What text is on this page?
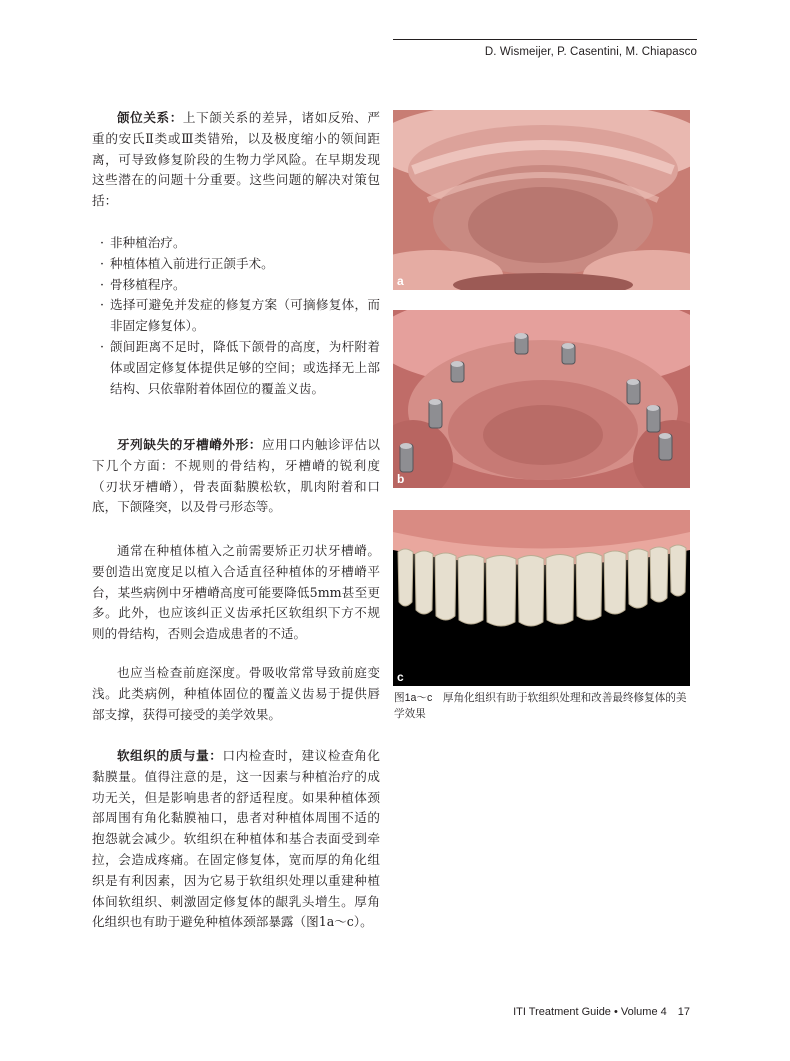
D. Wismeijer, P. Casentini, M. Chiapasco

颌位关系：上下颌关系的差异，诸如反殆、严重的安氏Ⅱ类或Ⅲ类错殆，以及极度缩小的领间距离，可导致修复阶段的生物力学风险。在早期发现这些潜在的问题十分重要。这些问题的解决对策包括：

· 非种植治疗。
· 种植体植入前进行正颌手术。
· 骨移植程序。
· 选择可避免并发症的修复方案（可摘修复体，而非固定修复体）。
· 颌间距离不足时，降低下颌骨的高度，为杆附着体或固定修复体提供足够的空间；或选择无上部结构、只依靠附着体固位的覆盖义齿。

牙列缺失的牙槽嵴外形：应用口内触诊评估以下几个方面：不规则的骨结构，牙槽嵴的锐利度（刃状牙槽嵴），骨表面黏膜松软，肌肉附着和口底，下颌隆突，以及骨弓形态等。

通常在种植体植入之前需要矫正刃状牙槽嵴。要创造出宽度足以植入合适直径种植体的牙槽嵴平台，某些病例中牙槽嵴高度可能要降低5mm甚至更多。此外，也应该纠正义齿承托区软组织下方不规则的骨结构，否则会造成患者的不适。

也应当检查前庭深度。骨吸收常常导致前庭变浅。此类病例，种植体固位的覆盖义齿易于提供唇部支撑，获得可接受的美学效果。

软组织的质与量：口内检查时，建议检查角化黏膜量。值得注意的是，这一因素与种植治疗的成功无关，但是影响患者的舒适程度。如果种植体颈部周围有角化黏膜袖口，患者对种植体周围不适的抱怨就会减少。软组织在种植体和基合表面受到牵拉，会造成疼痛。在固定修复体，宽而厚的角化组织是有利因素，因为它易于软组织处理以重建种植体间软组织、刺激固定修复体的龈乳头增生。厚角化组织也有助于避免种植体颈部暴露（图1a～c）。

a
b
c
图1a～c　厚角化组织有助于软组织处理和改善最终修复体的美学效果
ITI Treatment Guide • Volume 4　17
